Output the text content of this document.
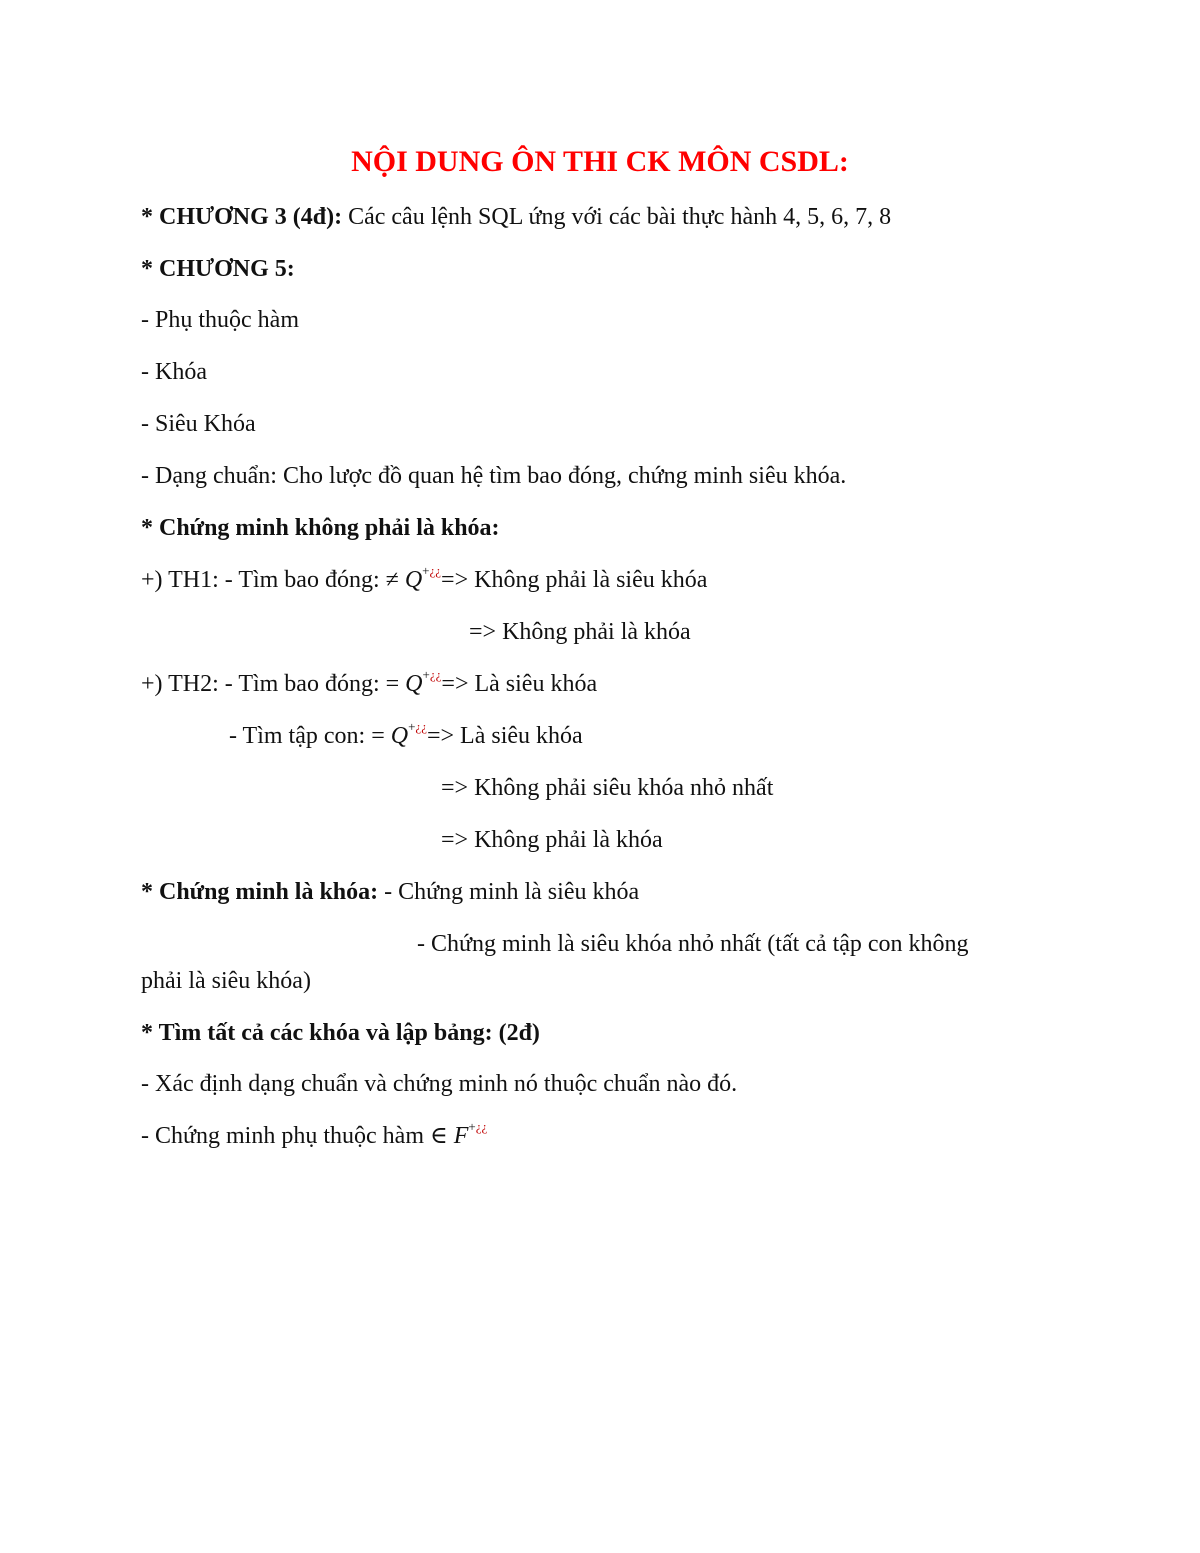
NỘI DUNG ÔN THI CK MÔN CSDL:
* CHƯƠNG 3 (4đ): Các câu lệnh SQL ứng với các bài thực hành 4, 5, 6, 7, 8
* CHƯƠNG 5:
- Phụ thuộc hàm
- Khóa
- Siêu Khóa
- Dạng chuẩn: Cho lược đồ quan hệ tìm bao đóng, chứng minh siêu khóa.
* Chứng minh không phải là khóa:
+) TH1: - Tìm bao đóng: ≠ Q+¿¿=> Không phải là siêu khóa
=> Không phải là khóa
+) TH2: - Tìm bao đóng: = Q+¿¿=> Là siêu khóa
- Tìm tập con: = Q+¿¿=> Là siêu khóa
=> Không phải siêu khóa nhỏ nhất
=> Không phải là khóa
* Chứng minh là khóa: - Chứng minh là siêu khóa
- Chứng minh là siêu khóa nhỏ nhất (tất cả tập con không
phải là siêu khóa)
* Tìm tất cả các khóa và lập bảng: (2đ)
- Xác định dạng chuẩn và chứng minh nó thuộc chuẩn nào đó.
- Chứng minh phụ thuộc hàm ∈ F+¿¿
